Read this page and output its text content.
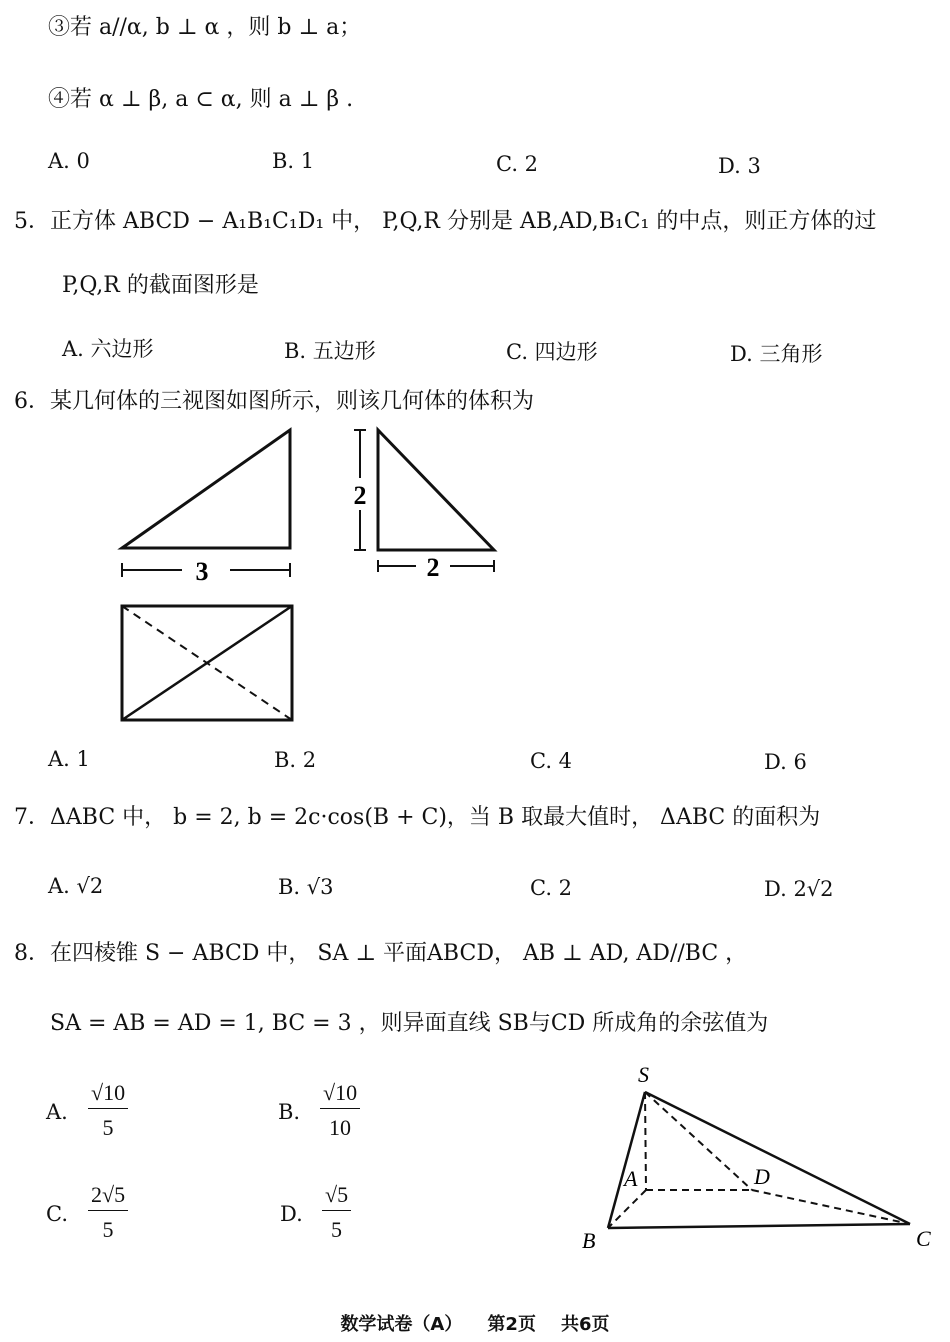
③若 a//α, b ⊥ α ，则 b ⊥ a；
④若 α ⊥ β, a ⊂ α, 则 a ⊥ β .
A. 0	B. 1	C. 2	D. 3
5．正方体 ABCD − A₁B₁C₁D₁ 中， P,Q,R 分别是 AB,AD,B₁C₁ 的中点，则正方体的过
P,Q,R 的截面图形是
A. 六边形	B. 五边形	C. 四边形	D. 三角形
6．某几何体的三视图如图所示，则该几何体的体积为
3
2
2
A. 1	B. 2	C. 4	D. 6
7．ΔABC 中， b = 2, b = 2c·cos(B + C)，当 B 取最大值时， ΔABC 的面积为
A. √2	B. √3	C. 2	D. 2√2
8．在四棱锥 S − ABCD 中， SA ⊥ 平面ABCD， AB ⊥ AD, AD//BC ，
SA = AB = AD = 1, BC = 3 ，则异面直线 SB与CD 所成角的余弦值为
A. $\frac{√10}{5}$	B. $\frac{√10}{10}$
C. $\frac{2√5}{5}$	D. $\frac{√5}{5}$
S
A	D
B	C
数学试卷（A）    第2页    共6页
